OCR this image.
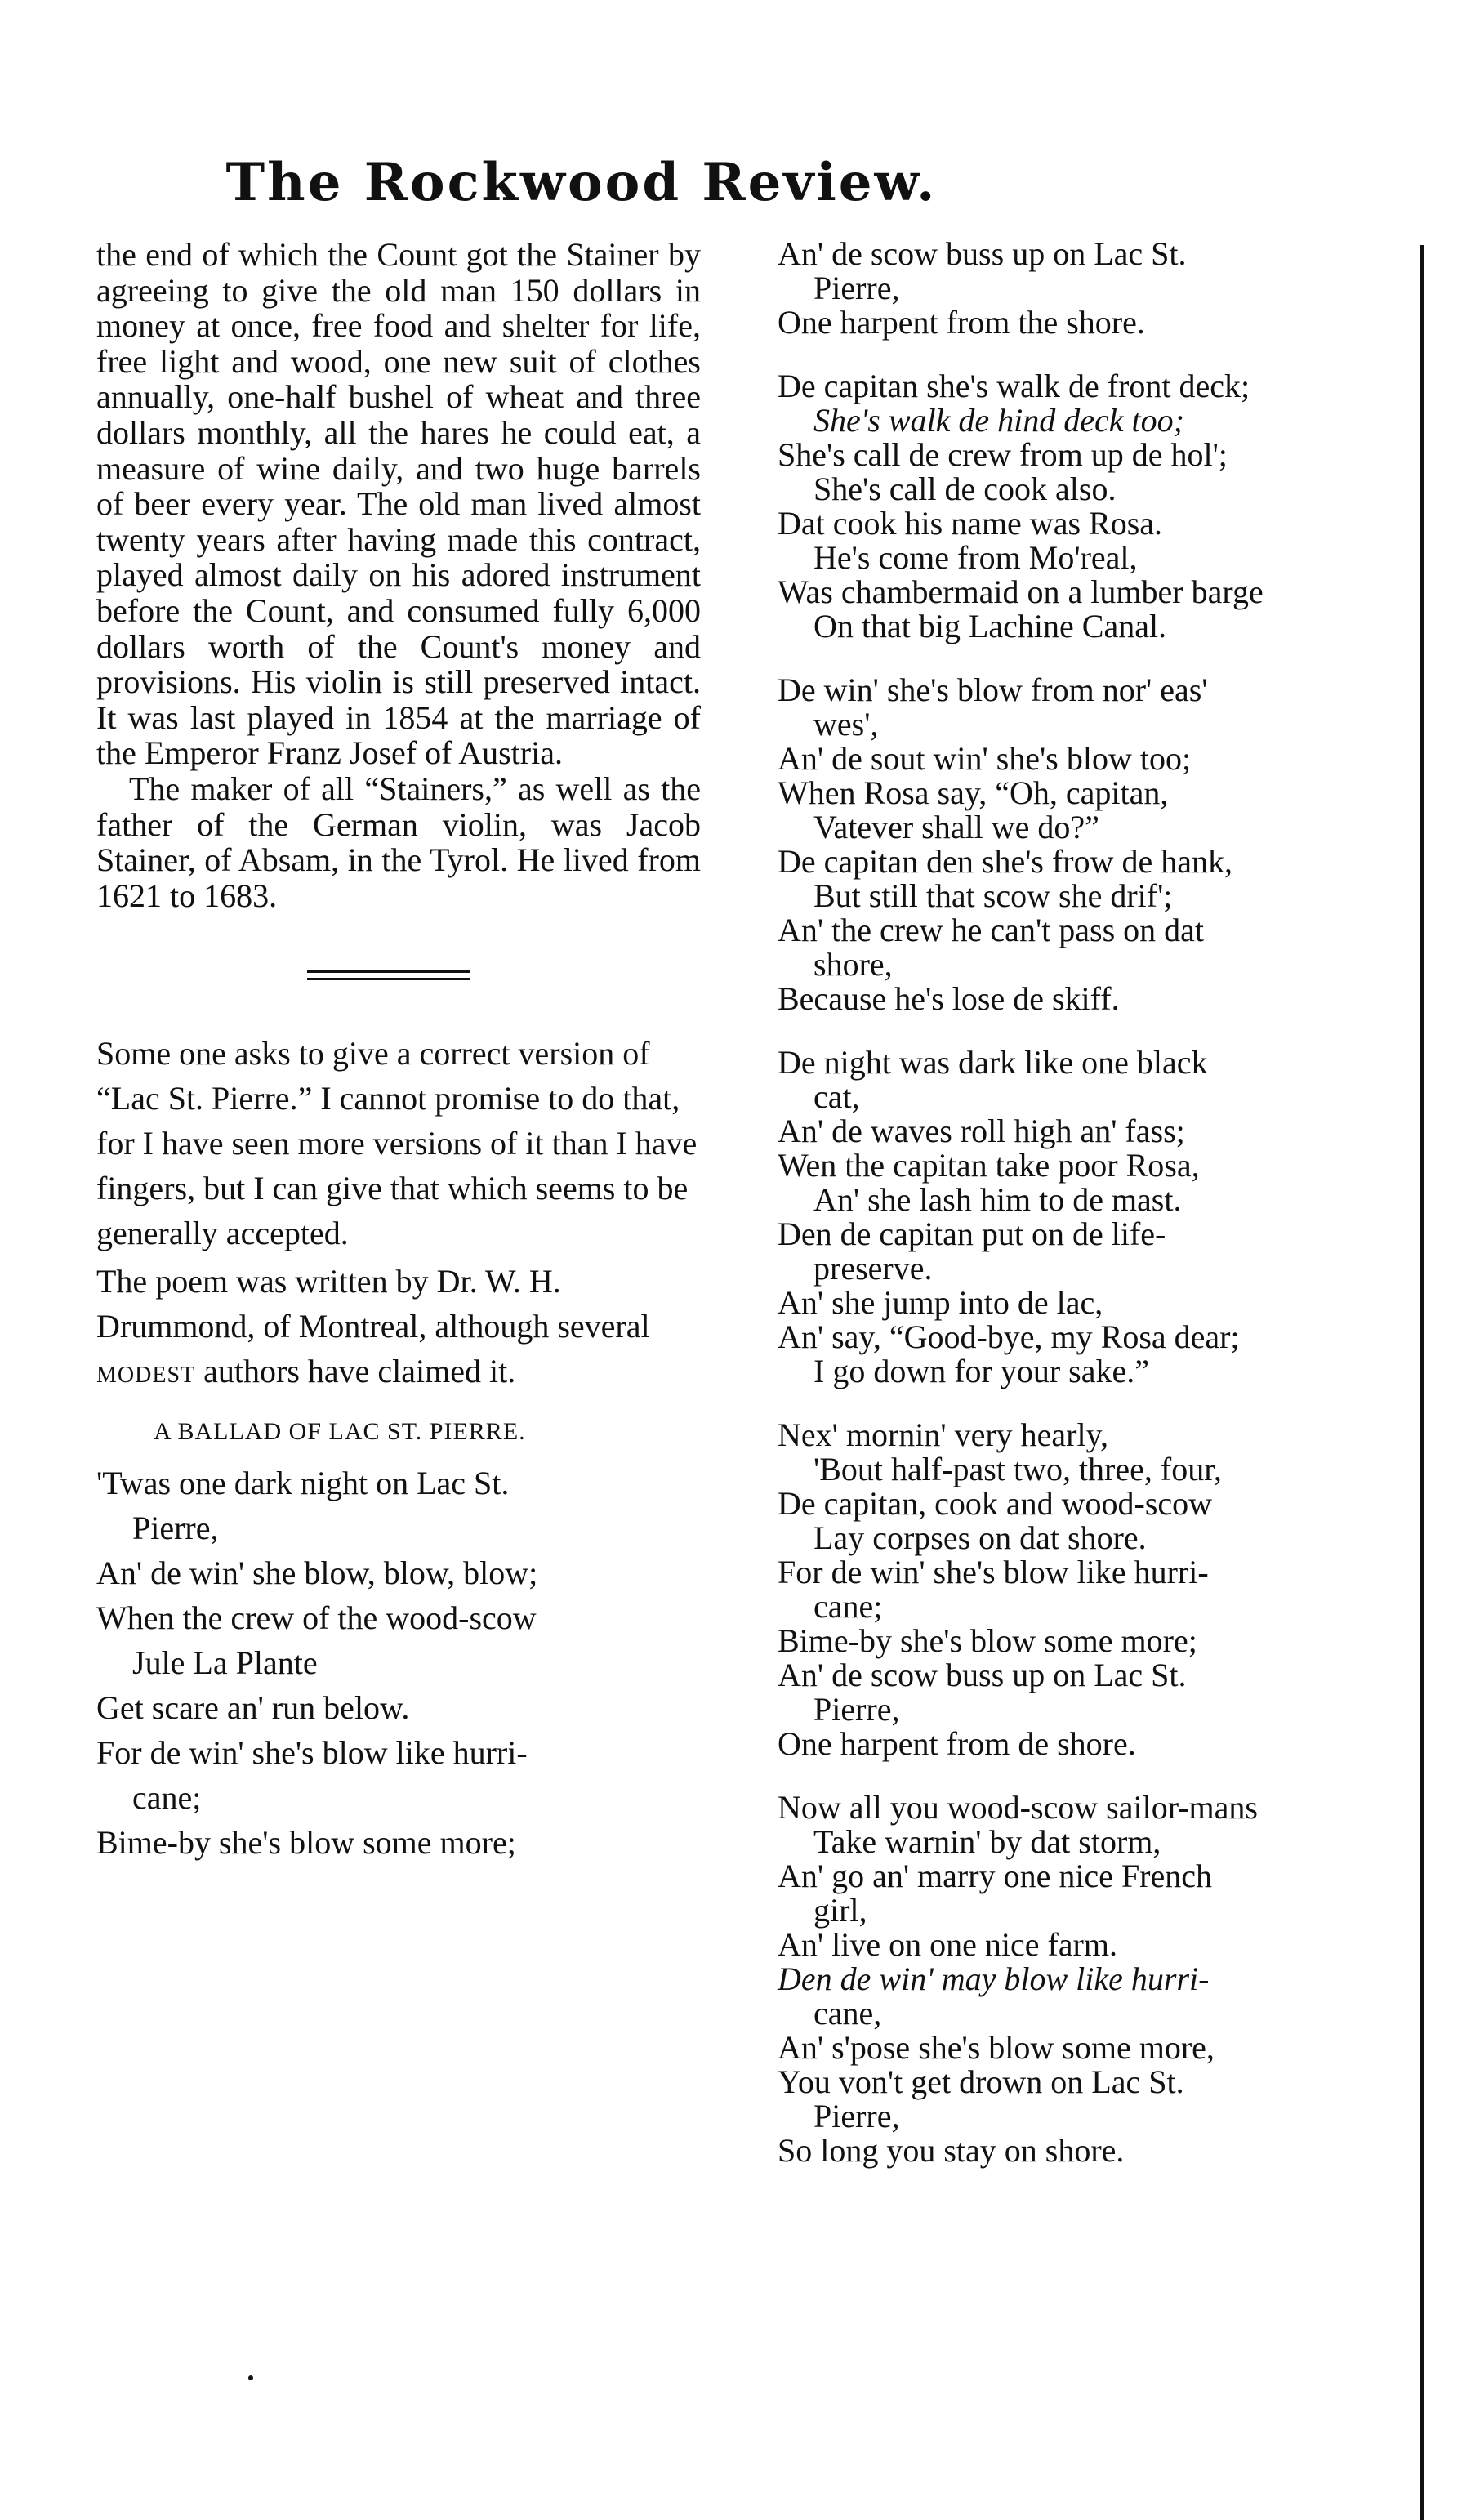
The Rockwood Review.

the end of which the Count got the Stainer by agreeing to give the old man 150 dollars in money at once, free food and shelter for life, free light and wood, one new suit of clothes annually, one-half bushel of wheat and three dollars monthly, all the hares he could eat, a measure of wine daily, and two huge barrels of beer every year. The old man lived almost twenty years after having made this contract, played almost daily on his adored instrument before the Count, and consumed fully 6,000 dollars worth of the Count's money and provisions. His violin is still preserved intact. It was last played in 1854 at the marriage of the Emperor Franz Josef of Austria.

The maker of all “Stainers,” as well as the father of the German violin, was Jacob Stainer, of Absam, in the Tyrol. He lived from 1621 to 1683.

Some one asks to give a correct version of “Lac St. Pierre.” I cannot promise to do that, for I have seen more versions of it than I have fingers, but I can give that which seems to be generally accepted.

The poem was written by Dr. W. H. Drummond, of Montreal, although several modest authors have claimed it.

A BALLAD OF LAC ST. PIERRE.

'Twas one dark night on Lac St.

Pierre,

An' de win' she blow, blow, blow;

When the crew of the wood-scow

Jule La Plante

Get scare an' run below.

For de win' she's blow like hurri-

cane;

Bime-by she's blow some more;

An' de scow buss up on Lac St.

Pierre,

One harpent from the shore.

De capitan she's walk de front deck;

She's walk de hind deck too;

She's call de crew from up de hol';

She's call de cook also.

Dat cook his name was Rosa.

He's come from Mo'real,

Was chambermaid on a lumber barge

On that big Lachine Canal.

De win' she's blow from nor' eas'

wes',

An' de sout win' she's blow too;

When Rosa say, “Oh, capitan,

Vatever shall we do?”

De capitan den she's frow de hank,

But still that scow she drif';

An' the crew he can't pass on dat

shore,

Because he's lose de skiff.

De night was dark like one black

cat,

An' de waves roll high an' fass;

Wen the capitan take poor Rosa,

An' she lash him to de mast.

Den de capitan put on de life-

preserve.

An' she jump into de lac,

An' say, “Good-bye, my Rosa dear;

I go down for your sake.”

Nex' mornin' very hearly,

'Bout half-past two, three, four,

De capitan, cook and wood-scow

Lay corpses on dat shore.

For de win' she's blow like hurri-

cane;

Bime-by she's blow some more;

An' de scow buss up on Lac St.

Pierre,

One harpent from de shore.

Now all you wood-scow sailor-mans

Take warnin' by dat storm,

An' go an' marry one nice French

girl,

An' live on one nice farm.

Den de win' may blow like hurri-

cane,

An' s'pose she's blow some more,

You von't get drown on Lac St.

Pierre,

So long you stay on shore.
